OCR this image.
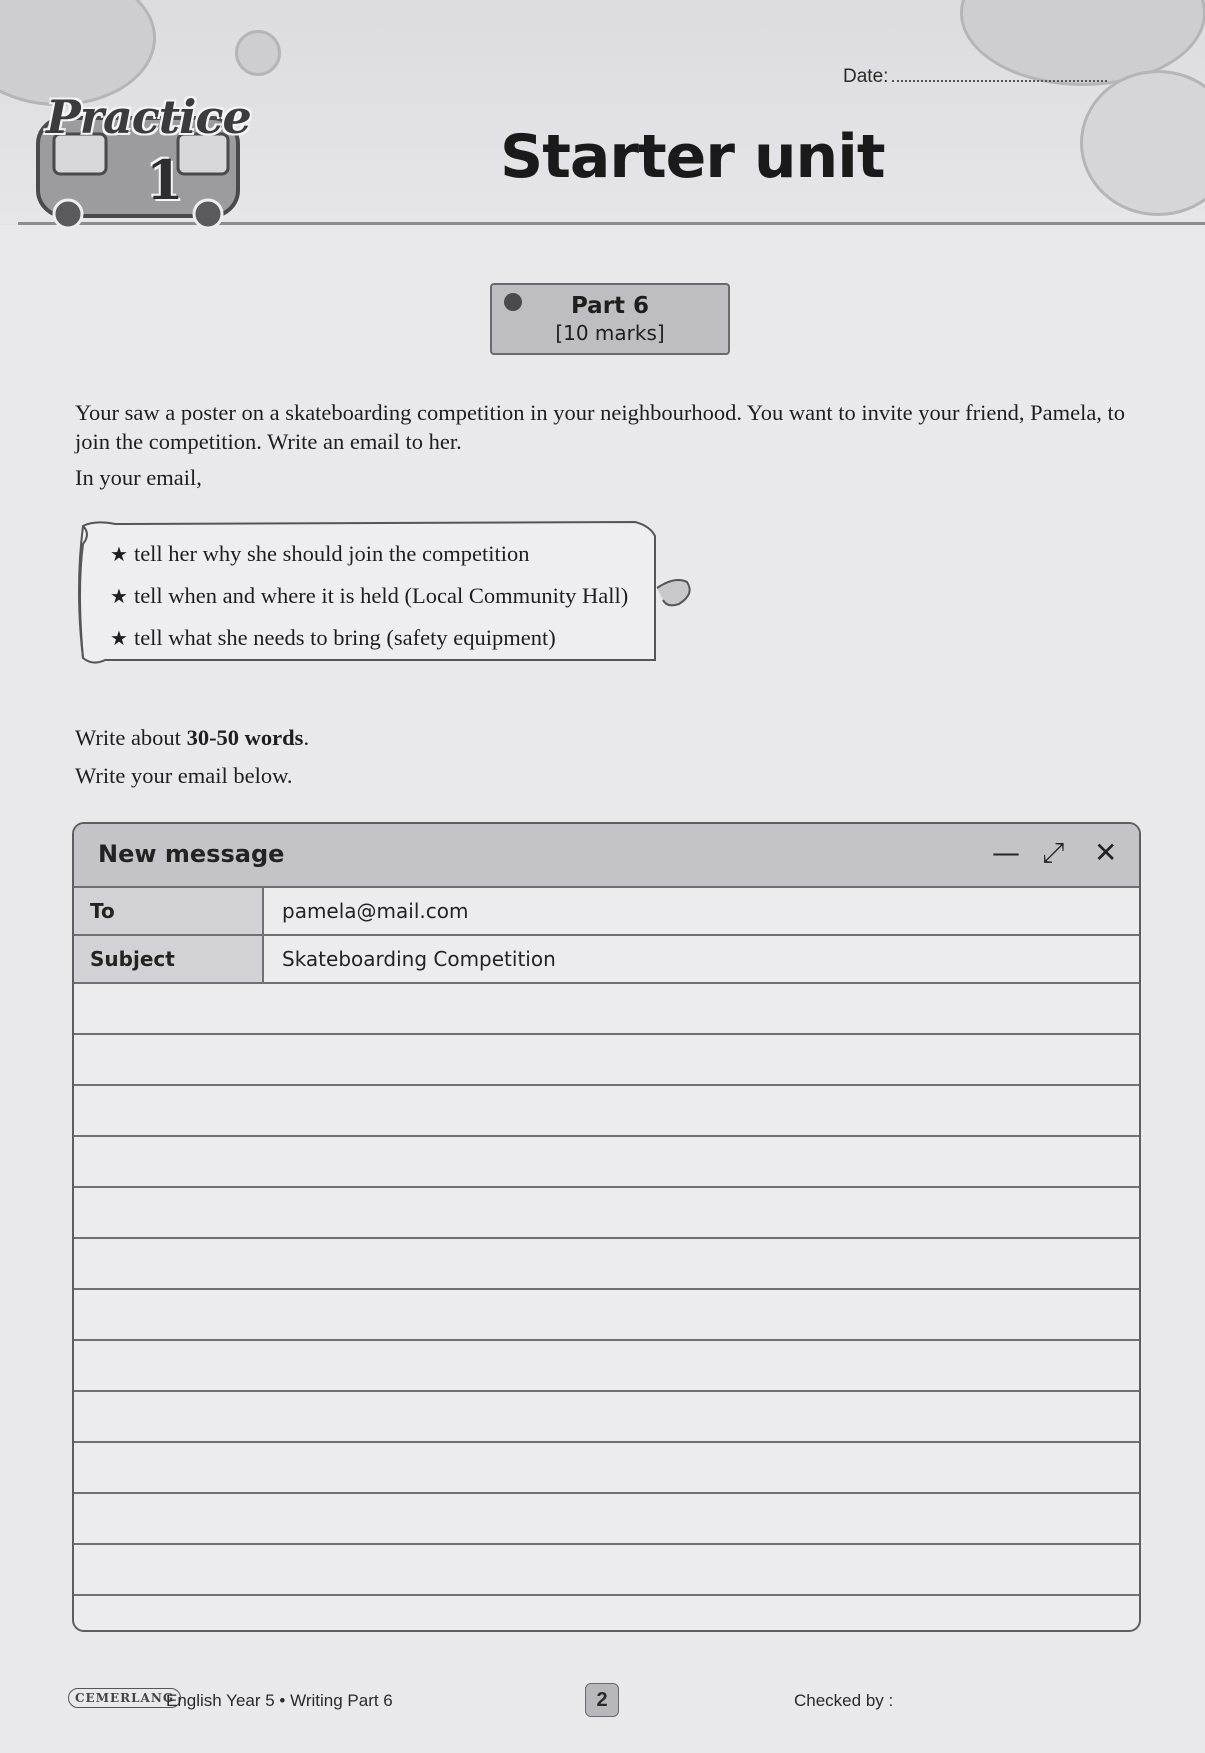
Practice
1
Date:
Starter unit
Part 6
[10 marks]

Your saw a poster on a skateboarding competition in your neighbourhood. You want to invite your friend, Pamela, to join the competition. Write an email to her.

In your email,
★ tell her why she should join the competition
★ tell when and where it is held (Local Community Hall)
★ tell what she needs to bring (safety equipment)
Write about 30-50 words.
Write your email below.
New message	— ⤢ ✕
To	pamela@mail.com
Subject	Skateboarding Competition
CEMERLANG
English Year 5 • Writing Part 6	2	Checked by :
